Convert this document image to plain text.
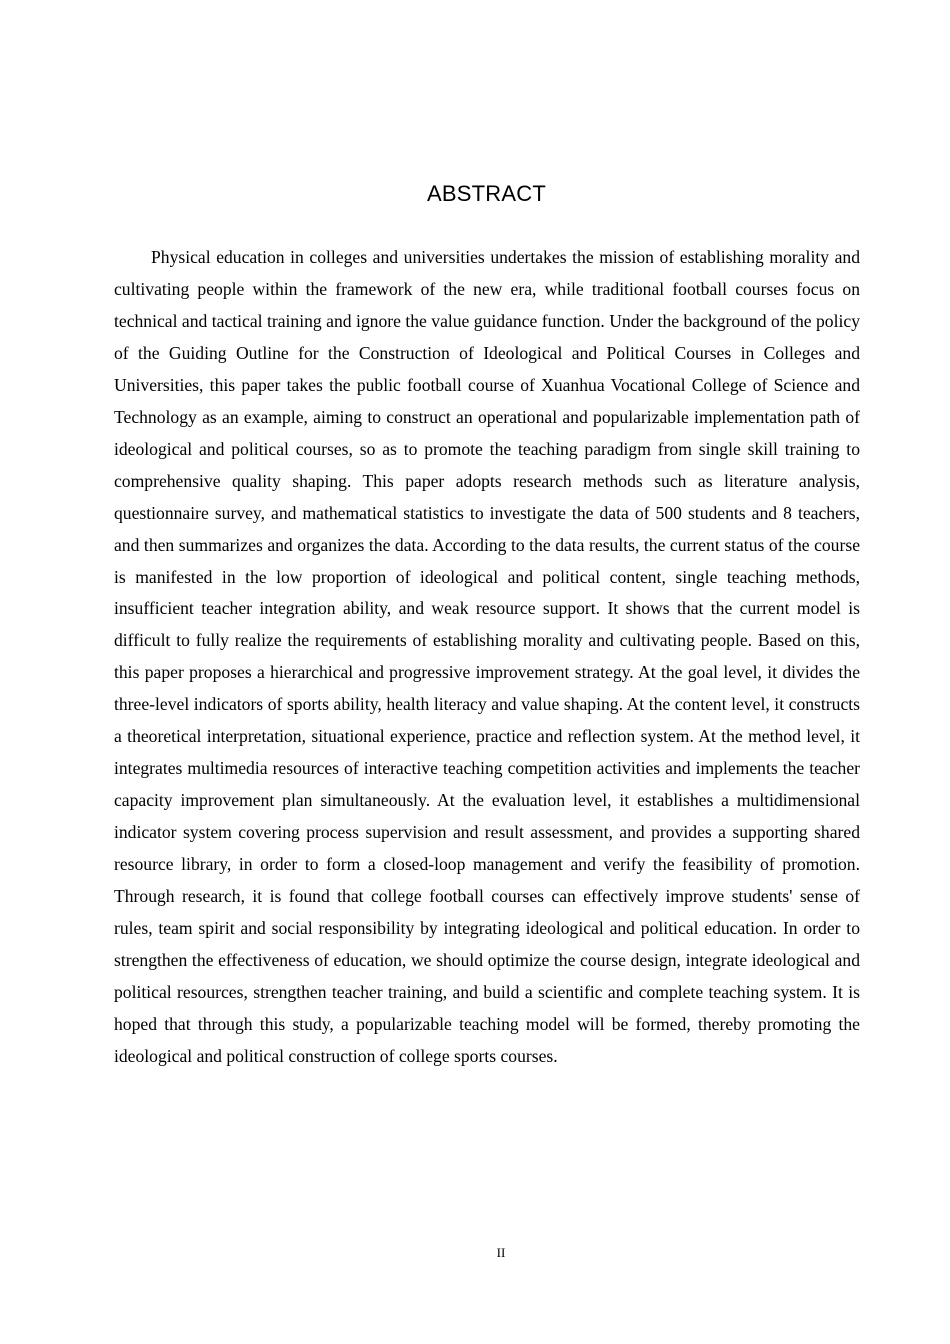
ABSTRACT

Physical education in colleges and universities undertakes the mission of establishing morality and cultivating people within the framework of the new era, while traditional football courses focus on technical and tactical training and ignore the value guidance function. Under the background of the policy of the Guiding Outline for the Construction of Ideological and Political Courses in Colleges and Universities, this paper takes the public football course of Xuanhua Vocational College of Science and Technology as an example, aiming to construct an operational and popularizable implementation path of ideological and political courses, so as to promote the teaching paradigm from single skill training to comprehensive quality shaping. This paper adopts research methods such as literature analysis, questionnaire survey, and mathematical statistics to investigate the data of 500 students and 8 teachers, and then summarizes and organizes the data. According to the data results, the current status of the course is manifested in the low proportion of ideological and political content, single teaching methods, insufficient teacher integration ability, and weak resource support. It shows that the current model is difficult to fully realize the requirements of establishing morality and cultivating people. Based on this, this paper proposes a hierarchical and progressive improvement strategy. At the goal level, it divides the three-level indicators of sports ability, health literacy and value shaping. At the content level, it constructs a theoretical interpretation, situational experience, practice and reflection system. At the method level, it integrates multimedia resources of interactive teaching competition activities and implements the teacher capacity improvement plan simultaneously. At the evaluation level, it establishes a multidimensional indicator system covering process supervision and result assessment, and provides a supporting shared resource library, in order to form a closed-loop management and verify the feasibility of promotion. Through research, it is found that college football courses can effectively improve students' sense of rules, team spirit and social responsibility by integrating ideological and political education. In order to strengthen the effectiveness of education, we should optimize the course design, integrate ideological and political resources, strengthen teacher training, and build a scientific and complete teaching system. It is hoped that through this study, a popularizable teaching model will be formed, thereby promoting the ideological and political construction of college sports courses.

II
